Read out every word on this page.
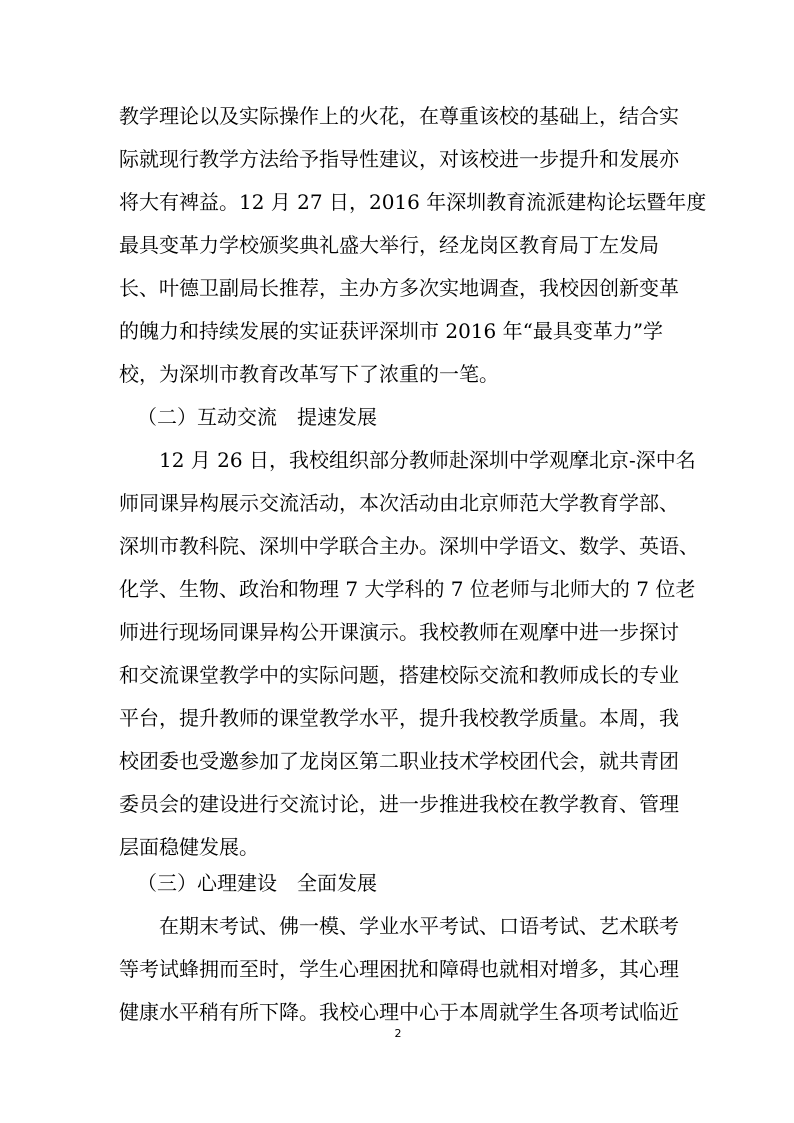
教学理论以及实际操作上的火花，在尊重该校的基础上，结合实
际就现行教学方法给予指导性建议，对该校进一步提升和发展亦
将大有裨益。12 月 27 日，2016 年深圳教育流派建构论坛暨年度
最具变革力学校颁奖典礼盛大举行，经龙岗区教育局丁左发局
长、叶德卫副局长推荐，主办方多次实地调查，我校因创新变革
的魄力和持续发展的实证获评深圳市 2016 年“最具变革力”学
校，为深圳市教育改革写下了浓重的一笔。
（二）互动交流　提速发展
12 月 26 日，我校组织部分教师赴深圳中学观摩北京-深中名
师同课异构展示交流活动，本次活动由北京师范大学教育学部、
深圳市教科院、深圳中学联合主办。深圳中学语文、数学、英语、
化学、生物、政治和物理 7 大学科的 7 位老师与北师大的 7 位老
师进行现场同课异构公开课演示。我校教师在观摩中进一步探讨
和交流课堂教学中的实际问题，搭建校际交流和教师成长的专业
平台，提升教师的课堂教学水平，提升我校教学质量。本周，我
校团委也受邀参加了龙岗区第二职业技术学校团代会，就共青团
委员会的建设进行交流讨论，进一步推进我校在教学教育、管理
层面稳健发展。
（三）心理建设　全面发展
在期末考试、佛一模、学业水平考试、口语考试、艺术联考
等考试蜂拥而至时，学生心理困扰和障碍也就相对增多，其心理
健康水平稍有所下降。我校心理中心于本周就学生各项考试临近
2
